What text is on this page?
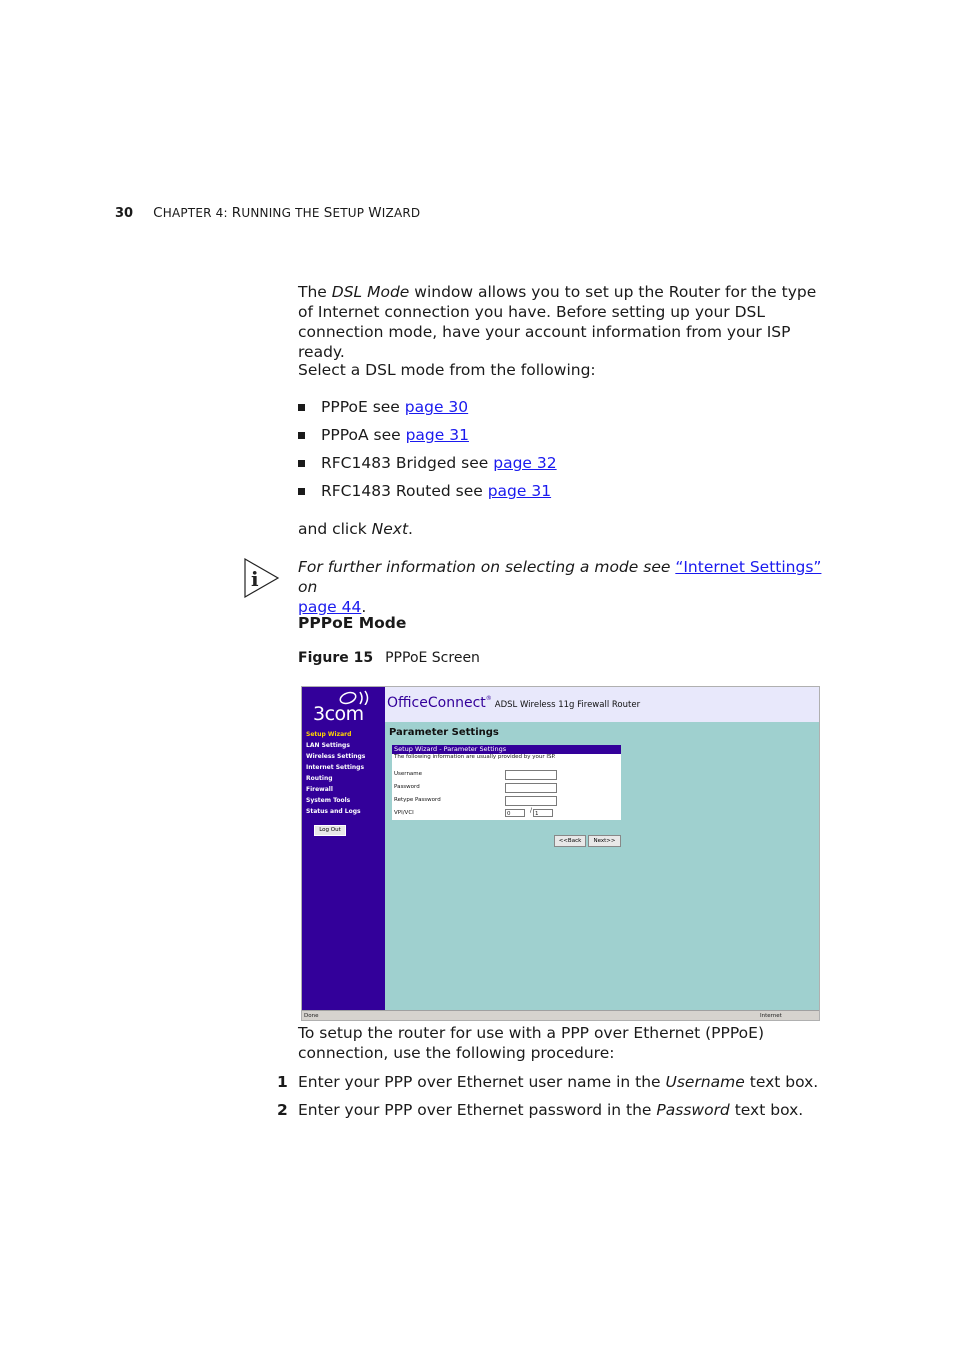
30 CHAPTER 4: RUNNING THE SETUP WIZARD
The DSL Mode window allows you to set up the Router for the type of Internet connection you have. Before setting up your DSL connection mode, have your account information from your ISP ready.
Select a DSL mode from the following:
PPPoE see page 30
PPPoA see page 31
RFC1483 Bridged see page 32
RFC1483 Routed see page 31
and click Next.
i	For further information on selecting a mode see “Internet Settings” on
page 44.
PPPoE Mode
Figure 15 PPPoE Screen
3com
Setup Wizard
LAN Settings
Wireless Settings
Internet Settings
Routing
Firewall
System Tools
Status and Logs
Log Out
OfficeConnect®ADSL Wireless 11g Firewall Router
Parameter Settings
Setup Wizard - Parameter Settings
The following information are usually provided by your ISP.
Username
Password
Retype Password
VPI/VCI	0	/ 1
<<Back	Next>>
Done	Internet
To setup the router for use with a PPP over Ethernet (PPPoE) connection, use the following procedure:
1 Enter your PPP over Ethernet user name in the Username text box.
2 Enter your PPP over Ethernet password in the Password text box.
